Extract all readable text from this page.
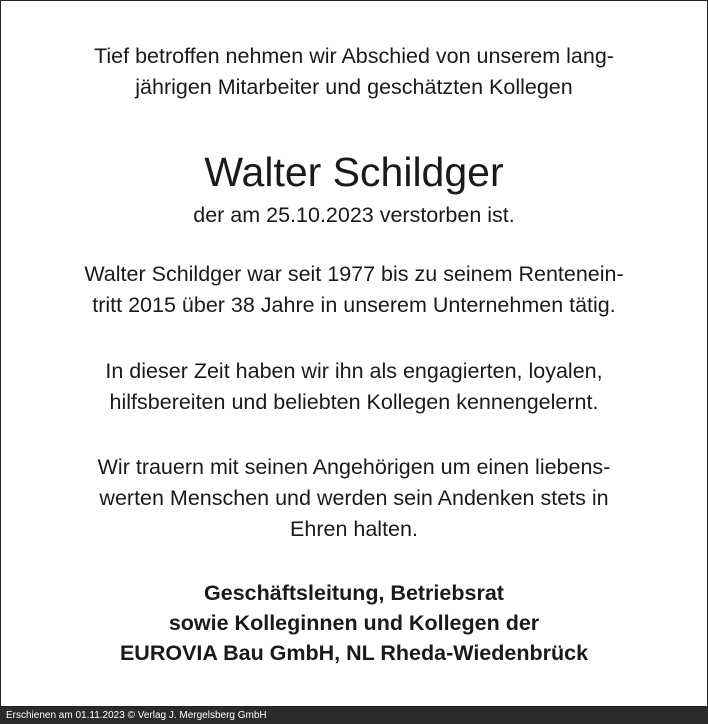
Tief betroffen nehmen wir Abschied von unserem lang-
jährigen Mitarbeiter und geschätzten Kollegen
Walter Schildger
der am 25.10.2023 verstorben ist.
Walter Schildger war seit 1977 bis zu seinem Rentenein-
tritt 2015 über 38 Jahre in unserem Unternehmen tätig.
In dieser Zeit haben wir ihn als engagierten, loyalen,
hilfsbereiten und beliebten Kollegen kennengelernt.
Wir trauern mit seinen Angehörigen um einen liebens-
werten Menschen und werden sein Andenken stets in
Ehren halten.
Geschäftsleitung, Betriebsrat
sowie Kolleginnen und Kollegen der
EUROVIA Bau GmbH, NL Rheda-Wiedenbrück
Erschienen am 01.11.2023 © Verlag J. Mergelsberg GmbH
